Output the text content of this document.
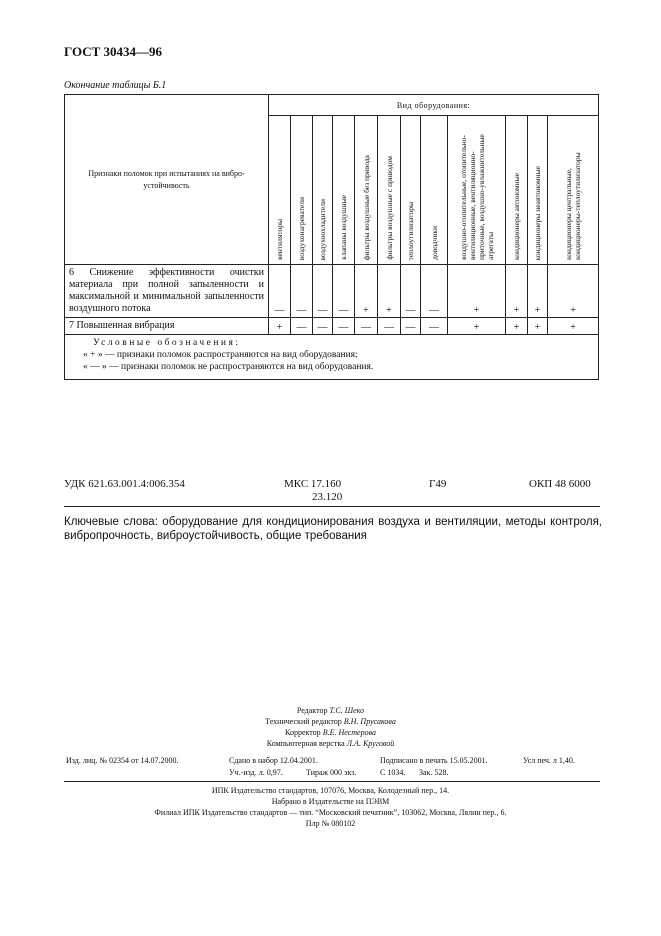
ГОСТ 30434—96
Окончание таблицы Б.1
Признаки поломок при испытаниях на виброустойчивость	Вид оборудования:											

	вентиляторы	воздухонагреватели	воздухоохладители	клапаны воздушные	фильтры воздушные без привода	фильтры воздушные с приводом	теплоутилизаторы	доводчики	воздушно-отопительные, отопительно-вентиляционные, вентиляционно-приточные, воздушно-увлажнительные агрегаты	кондиционеры автономные	кондиционеры неавтономные	кондиционеры центральные, кондиционеры-теплоутилизаторы

6 Снижение эффективности очистки материала при полной запыленности и максимальной и минимальной запыленности воздушного потока	—	—	—	—	+	+	—	—	+	+	+	+
7 Повышенная вибрация	+	—	—	—	—	—	—	—	+	+	+	+

Условные обозначения:
« + » — признаки поломок распространяются на вид оборудования;
« — » — признаки поломок не распространяются на вид оборудования.												
УДК 621.63.001.4:006.354	МКС 17.160
23.120
Г49	ОКП 48 6000
Ключевые слова: оборудование для кондиционирования воздуха и вентиляции, методы контроля, вибропрочность, виброустойчивость, общие требования
Редактор Т.С. Шеко
Технический редактор В.Н. Прусакова
Корректор В.Е. Нестерова
Компьютерная верстка Л.А. Круговой
Изд. лиц. № 02354 от 14.07.2000.	Сдано в набор 12.04.2001.	Подписано в печать 15.05.2001.	Усл печ. л 1,40.
Уч.-изд. л. 0,97.	Тираж 000 экз.	С 1034. Зак. 528.
ИПК Издательство стандартов, 107076, Москва, Колодезный пер., 14.
Набрано в Издательстве на ПЭВМ
Филиал ИПК Издательство стандартов — тип. “Московский печатник”, 103062, Москва, Лялин пер., 6.
Плр № 080102
